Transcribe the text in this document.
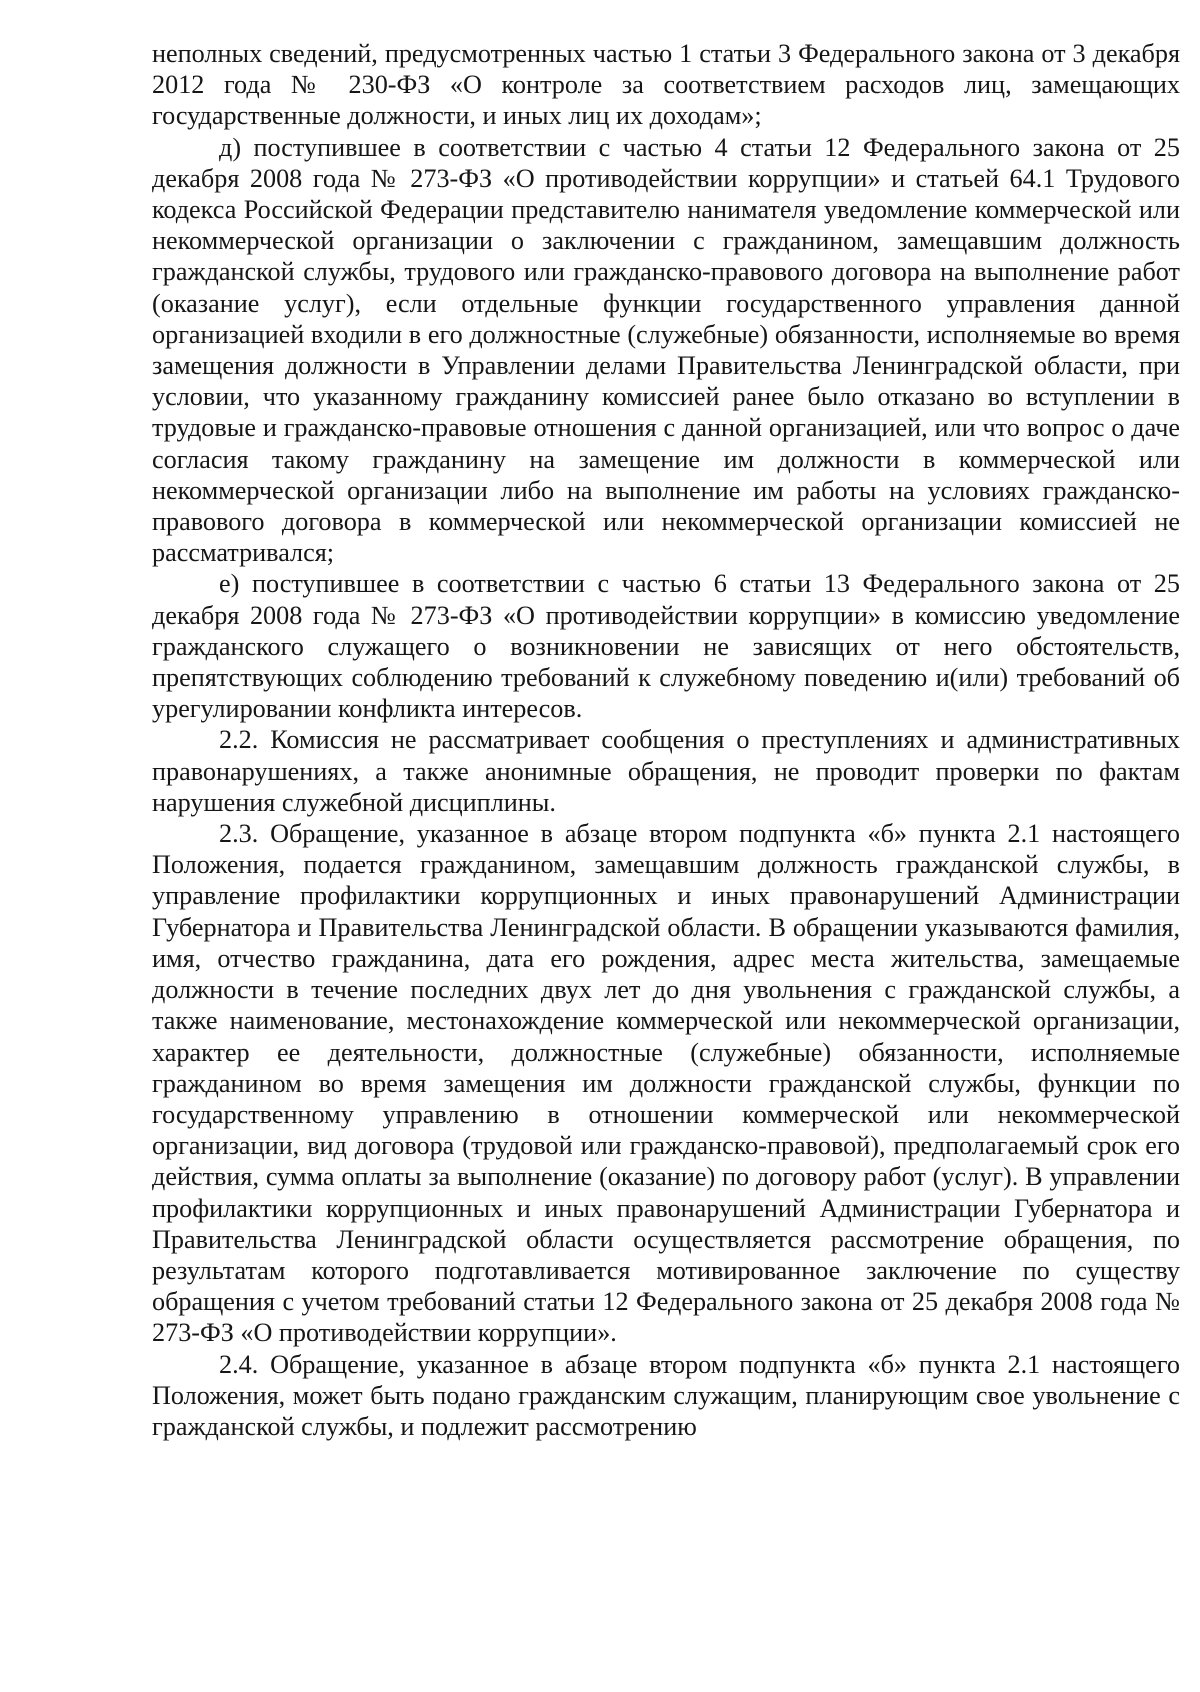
неполных сведений, предусмотренных частью 1 статьи 3 Федерального закона от 3 декабря 2012 года № 230-ФЗ «О контроле за соответствием расходов лиц, замещающих государственные должности, и иных лиц их доходам»;

д) поступившее в соответствии с частью 4 статьи 12 Федерального закона от 25 декабря 2008 года № 273-ФЗ «О противодействии коррупции» и статьей 64.1 Трудового кодекса Российской Федерации представителю нанимателя уведомление коммерческой или некоммерческой организации о заключении с гражданином, замещавшим должность гражданской службы, трудового или гражданско-правового договора на выполнение работ (оказание услуг), если отдельные функции государственного управления данной организацией входили в его должностные (служебные) обязанности, исполняемые во время замещения должности в Управлении делами Правительства Ленинградской области, при условии, что указанному гражданину комиссией ранее было отказано во вступлении в трудовые и гражданско-правовые отношения с данной организацией, или что вопрос о даче согласия такому гражданину на замещение им должности в коммерческой или некоммерческой организации либо на выполнение им работы на условиях гражданско-правового договора в коммерческой или некоммерческой организации комиссией не рассматривался;

е) поступившее в соответствии с частью 6 статьи 13 Федерального закона от 25 декабря 2008 года № 273-ФЗ «О противодействии коррупции» в комиссию уведомление гражданского служащего о возникновении не зависящих от него обстоятельств, препятствующих соблюдению требований к служебному поведению и(или) требований об урегулировании конфликта интересов.

2.2. Комиссия не рассматривает сообщения о преступлениях и административных правонарушениях, а также анонимные обращения, не проводит проверки по фактам нарушения служебной дисциплины.

2.3. Обращение, указанное в абзаце втором подпункта «б» пункта 2.1 настоящего Положения, подается гражданином, замещавшим должность гражданской службы, в управление профилактики коррупционных и иных правонарушений Администрации Губернатора и Правительства Ленинградской области. В обращении указываются фамилия, имя, отчество гражданина, дата его рождения, адрес места жительства, замещаемые должности в течение последних двух лет до дня увольнения с гражданской службы, а также наименование, местонахождение коммерческой или некоммерческой организации, характер ее деятельности, должностные (служебные) обязанности, исполняемые гражданином во время замещения им должности гражданской службы, функции по государственному управлению в отношении коммерческой или некоммерческой организации, вид договора (трудовой или гражданско-правовой), предполагаемый срок его действия, сумма оплаты за выполнение (оказание) по договору работ (услуг). В управлении профилактики коррупционных и иных правонарушений Администрации Губернатора и Правительства Ленинградской области осуществляется рассмотрение обращения, по результатам которого подготавливается мотивированное заключение по существу обращения с учетом требований статьи 12 Федерального закона от 25 декабря 2008 года № 273-ФЗ «О противодействии коррупции».

2.4. Обращение, указанное в абзаце втором подпункта «б» пункта 2.1 настоящего Положения, может быть подано гражданским служащим, планирующим свое увольнение с гражданской службы, и подлежит рассмотрению
